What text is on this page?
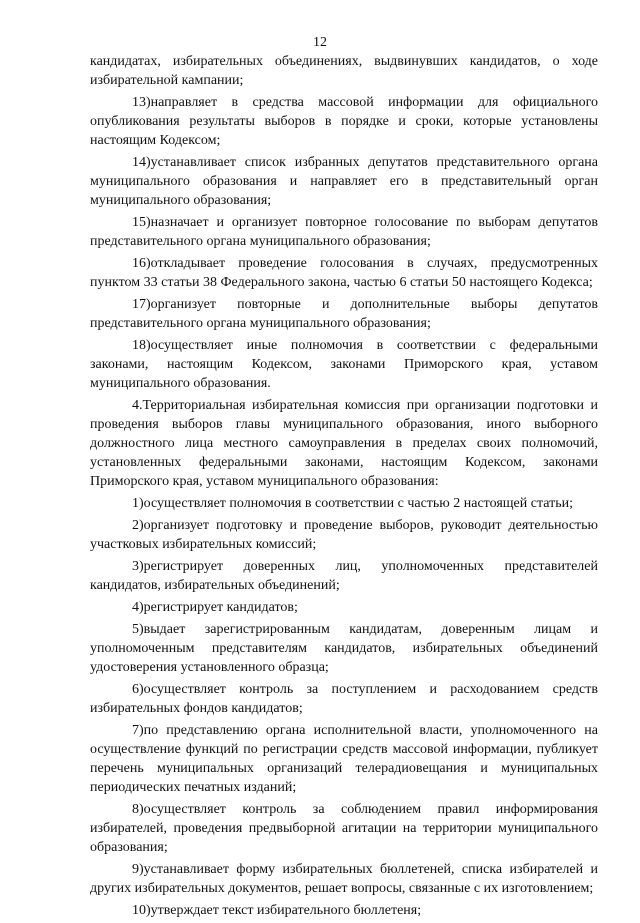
12

кандидатах, избирательных объединениях, выдвинувших кандидатов, о ходе избирательной кампании;

13)направляет в средства массовой информации для официального опубликования результаты выборов в порядке и сроки, которые установлены настоящим Кодексом;

14)устанавливает список избранных депутатов представительного органа муниципального образования и направляет его в представительный орган муниципального образования;

15)назначает и организует повторное голосование по выборам депутатов представительного органа муниципального образования;

16)откладывает проведение голосования в случаях, предусмотренных пунктом 33 статьи 38 Федерального закона, частью 6 статьи 50 настоящего Кодекса;

17)организует повторные и дополнительные выборы депутатов представительного органа муниципального образования;

18)осуществляет иные полномочия в соответствии с федеральными законами, настоящим Кодексом, законами Приморского края, уставом муниципального образования.

4.Территориальная избирательная комиссия при организации подготовки и проведения выборов главы муниципального образования, иного выборного должностного лица местного самоуправления в пределах своих полномочий, установленных федеральными законами, настоящим Кодексом, законами Приморского края, уставом муниципального образования:

1)осуществляет полномочия в соответствии с частью 2 настоящей статьи;

2)организует подготовку и проведение выборов, руководит деятельностью участковых избирательных комиссий;

3)регистрирует доверенных лиц, уполномоченных представителей кандидатов, избирательных объединений;

4)регистрирует кандидатов;

5)выдает зарегистрированным кандидатам, доверенным лицам и уполномоченным представителям кандидатов, избирательных объединений удостоверения установленного образца;

6)осуществляет контроль за поступлением и расходованием средств избирательных фондов кандидатов;

7)по представлению органа исполнительной власти, уполномоченного на осуществление функций по регистрации средств массовой информации, публикует перечень муниципальных организаций телерадиовещания и муниципальных периодических печатных изданий;

8)осуществляет контроль за соблюдением правил информирования избирателей, проведения предвыборной агитации на территории муниципального образования;

9)устанавливает форму избирательных бюллетеней, списка избирателей и других избирательных документов, решает вопросы, связанные с их изготовлением;

10)утверждает текст избирательного бюллетеня;
